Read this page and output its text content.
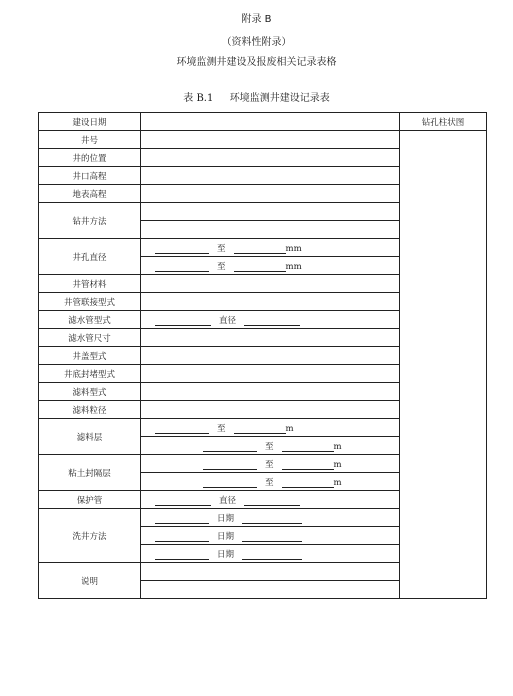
附录 B
（资料性附录）
环境监测井建设及报废相关记录表格
表 B.1 环境监测井建设记录表
建设日期		钻孔柱状图
井号		
井的位置		
井口高程		
地表高程		
钻井方法		

井孔直径	至 mm	
	至 mm	
井管材料		
井管联接型式		
滤水管型式	直径	
滤水管尺寸		
井盖型式		
井底封堵型式		
滤料型式		
滤料粒径		
滤料层	至 m	
	至 m	
粘土封隔层	至 m	
	至 m	
保护管	直径	
洗井方法	日期	
	日期	
	日期	
说明		
